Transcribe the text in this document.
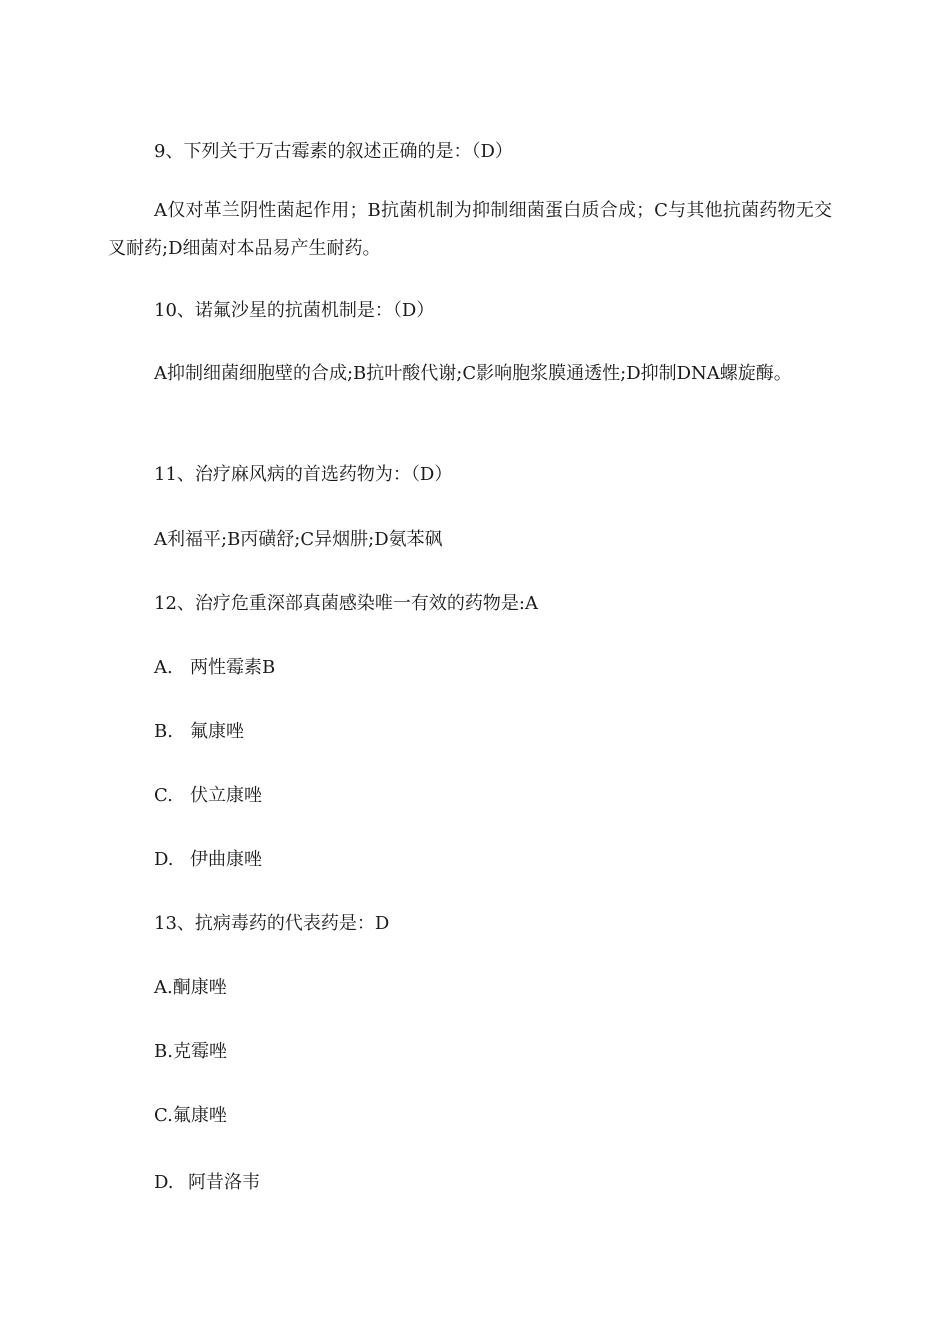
9、下列关于万古霉素的叙述正确的是：（D）
A仅对革兰阴性菌起作用；B抗菌机制为抑制细菌蛋白质合成；C与其他抗菌药物无交叉耐药;D细菌对本品易产生耐药。
10、诺氟沙星的抗菌机制是：（D）
A抑制细菌细胞壁的合成;B抗叶酸代谢;C影响胞浆膜通透性;D抑制DNA螺旋酶。
11、治疗麻风病的首选药物为：（D）
A利福平;B丙磺舒;C异烟肼;D氨苯砜
12、治疗危重深部真菌感染唯一有效的药物是:A
A. 两性霉素B
B. 氟康唑
C. 伏立康唑
D. 伊曲康唑
13、抗病毒药的代表药是：D
A.酮康唑
B.克霉唑
C.氟康唑
D. 阿昔洛韦
